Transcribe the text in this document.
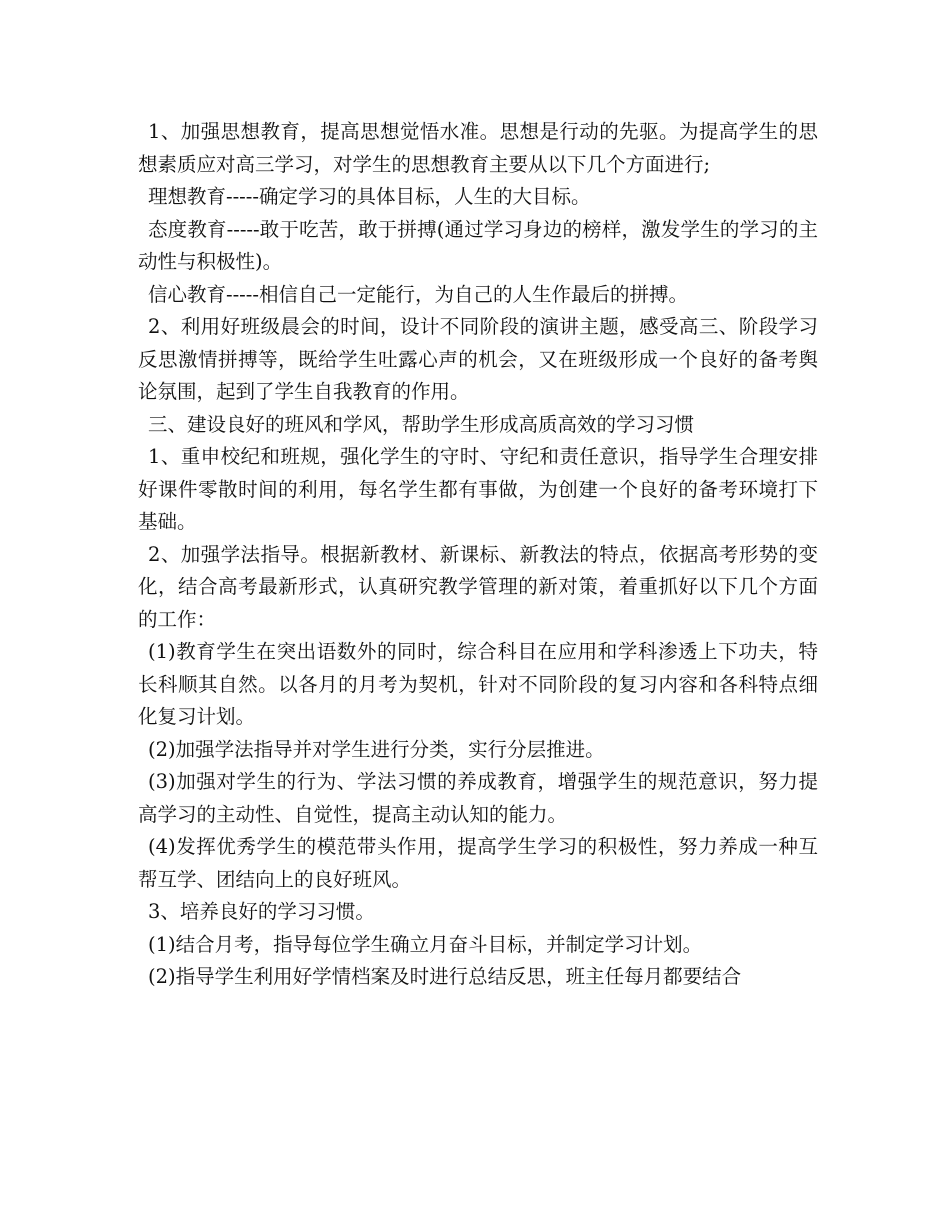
1、加强思想教育，提高思想觉悟水准。思想是行动的先驱。为提高学生的思想素质应对高三学习，对学生的思想教育主要从以下几个方面进行;

理想教育-----确定学习的具体目标，人生的大目标。

态度教育-----敢于吃苦，敢于拼搏(通过学习身边的榜样，激发学生的学习的主动性与积极性)。

信心教育-----相信自己一定能行，为自己的人生作最后的拼搏。

2、利用好班级晨会的时间，设计不同阶段的演讲主题，感受高三、阶段学习反思激情拼搏等，既给学生吐露心声的机会，又在班级形成一个良好的备考舆论氛围，起到了学生自我教育的作用。

三、建设良好的班风和学风，帮助学生形成高质高效的学习习惯

1、重申校纪和班规，强化学生的守时、守纪和责任意识，指导学生合理安排好课件零散时间的利用，每名学生都有事做，为创建一个良好的备考环境打下基础。

2、加强学法指导。根据新教材、新课标、新教法的特点，依据高考形势的变化，结合高考最新形式，认真研究教学管理的新对策，着重抓好以下几个方面的工作：

(1)教育学生在突出语数外的同时，综合科目在应用和学科渗透上下功夫，特长科顺其自然。以各月的月考为契机，针对不同阶段的复习内容和各科特点细化复习计划。

(2)加强学法指导并对学生进行分类，实行分层推进。

(3)加强对学生的行为、学法习惯的养成教育，增强学生的规范意识，努力提高学习的主动性、自觉性，提高主动认知的能力。

(4)发挥优秀学生的模范带头作用，提高学生学习的积极性，努力养成一种互帮互学、团结向上的良好班风。

3、培养良好的学习习惯。

(1)结合月考，指导每位学生确立月奋斗目标，并制定学习计划。

(2)指导学生利用好学情档案及时进行总结反思，班主任每月都要结合
